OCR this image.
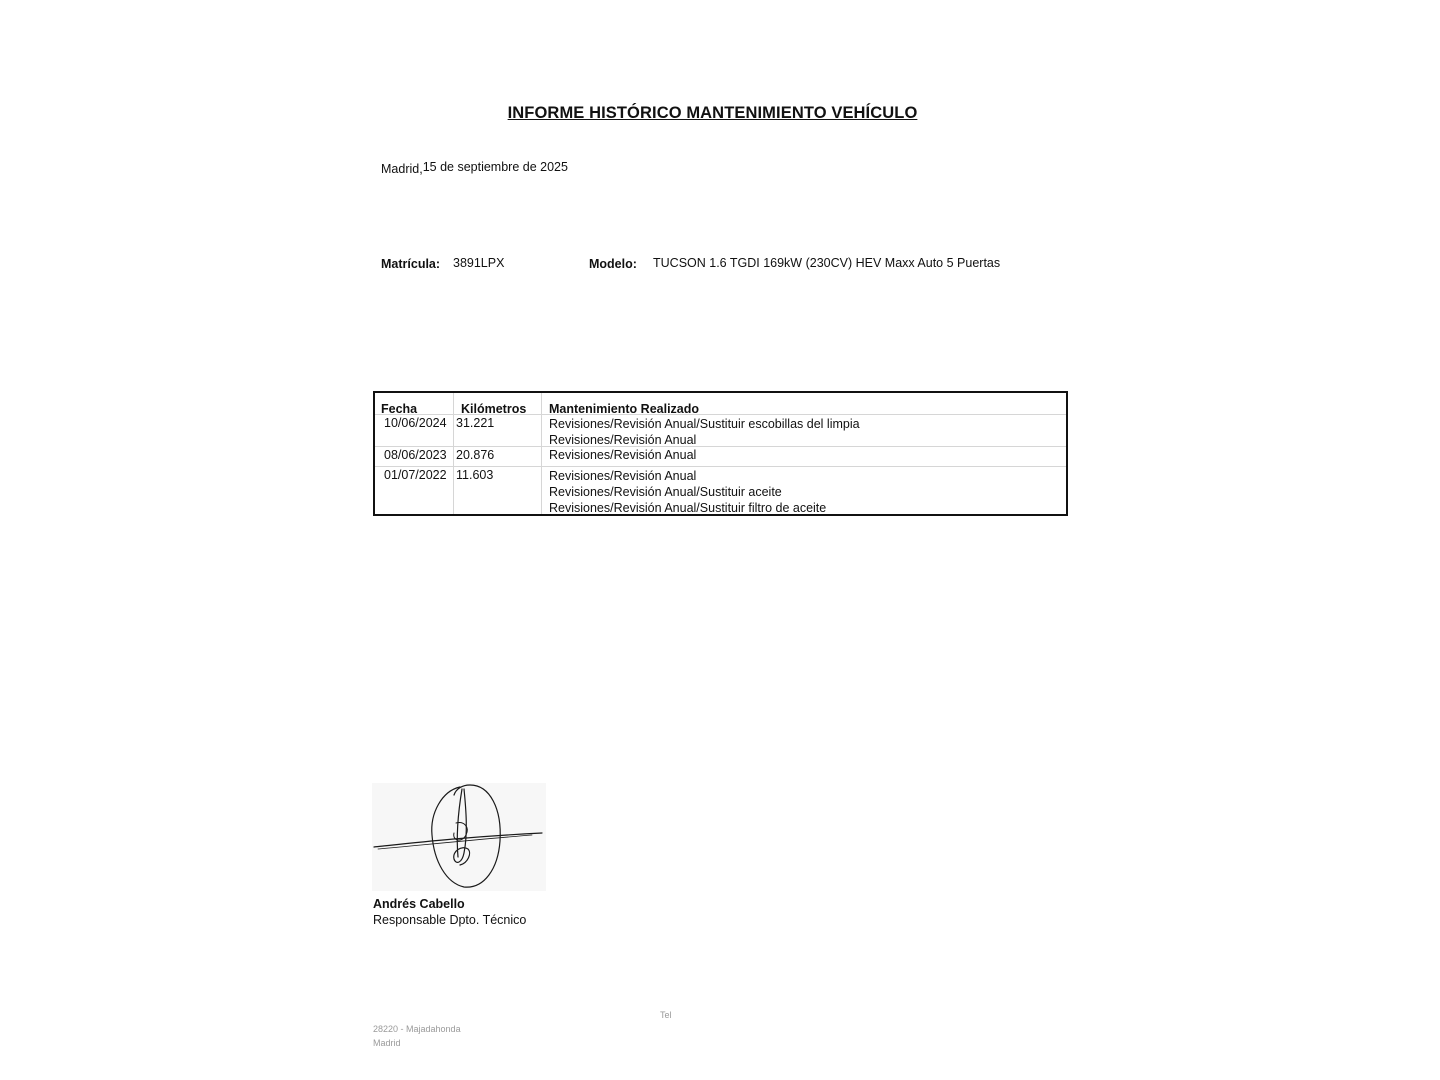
INFORME HISTÓRICO MANTENIMIENTO VEHÍCULO
Madrid,15 de septiembre de 2025
Matrícula: 3891LPX	Modelo: TUCSON 1.6 TGDI 169kW (230CV) HEV Maxx Auto 5 Puertas
Fecha	Kilómetros Mantenimiento Realizado
10/06/2024 31.221	Revisiones/Revisión Anual/Sustituir escobillas del limpia
Revisiones/Revisión Anual
08/06/2023 20.876	Revisiones/Revisión Anual
01/07/2022 11.603	Revisiones/Revisión Anual
Revisiones/Revisión Anual/Sustituir aceite
Revisiones/Revisión Anual/Sustituir filtro de aceite
Andrés Cabello
Responsable Dpto. Técnico
Tel
28220 - Majadahonda
Madrid
